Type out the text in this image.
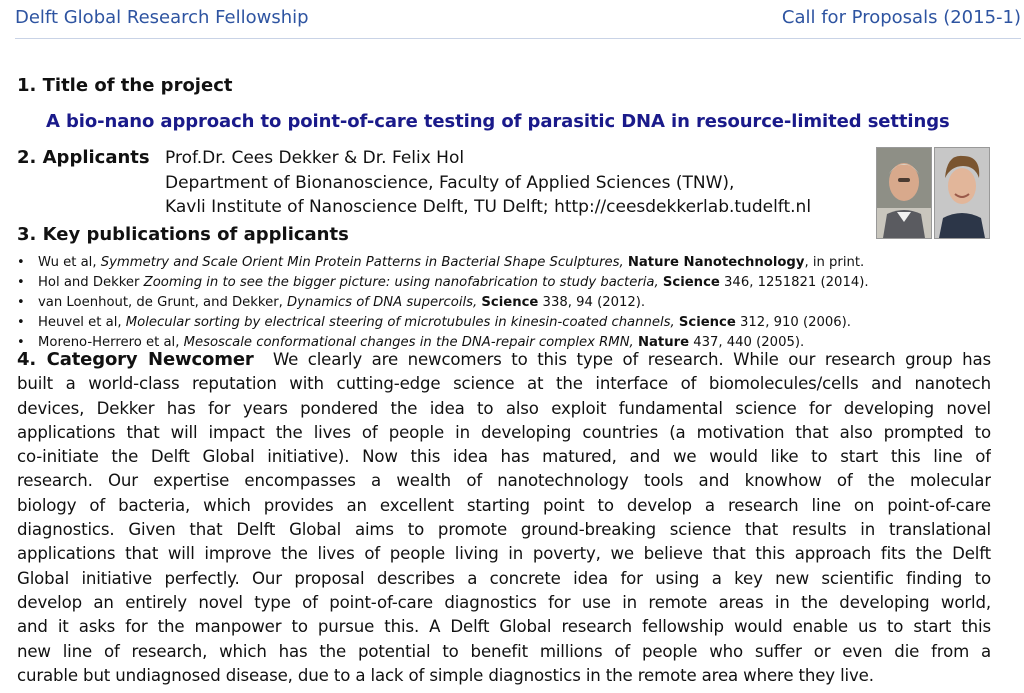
Delft Global Research Fellowship	Call for Proposals (2015-1)
1. Title of the project
A bio-nano approach to point-of-care testing of parasitic DNA in resource-limited settings
2. Applicants Prof.Dr. Cees Dekker & Dr. Felix Hol
Department of Bionanoscience, Faculty of Applied Sciences (TNW),
Kavli Institute of Nanoscience Delft, TU Delft; http://ceesdekkerlab.tudelft.nl
3. Key publications of applicants
• Wu et al, Symmetry and Scale Orient Min Protein Patterns in Bacterial Shape Sculptures, Nature Nanotechnology, in print.
• Hol and Dekker Zooming in to see the bigger picture: using nanofabrication to study bacteria, Science 346, 1251821 (2014).
• van Loenhout, de Grunt, and Dekker, Dynamics of DNA supercoils, Science 338, 94 (2012).
• Heuvel et al, Molecular sorting by electrical steering of microtubules in kinesin-coated channels, Science 312, 910 (2006).
• Moreno-Herrero et al, Mesoscale conformational changes in the DNA-repair complex RMN, Nature 437, 440 (2005).
4. Category Newcomer We clearly are newcomers to this type of research. While our research group has
built a world-class reputation with cutting-edge science at the interface of biomolecules/cells and nanotech
devices, Dekker has for years pondered the idea to also exploit fundamental science for developing novel
applications that will impact the lives of people in developing countries (a motivation that also prompted to
co-initiate the Delft Global initiative). Now this idea has matured, and we would like to start this line of
research. Our expertise encompasses a wealth of nanotechnology tools and knowhow of the molecular
biology of bacteria, which provides an excellent starting point to develop a research line on point-of-care
diagnostics. Given that Delft Global aims to promote ground-breaking science that results in translational
applications that will improve the lives of people living in poverty, we believe that this approach fits the Delft
Global initiative perfectly. Our proposal describes a concrete idea for using a key new scientific finding to
develop an entirely novel type of point-of-care diagnostics for use in remote areas in the developing world,
and it asks for the manpower to pursue this. A Delft Global research fellowship would enable us to start this
new line of research, which has the potential to benefit millions of people who suffer or even die from a
curable but undiagnosed disease, due to a lack of simple diagnostics in the remote area where they live.
